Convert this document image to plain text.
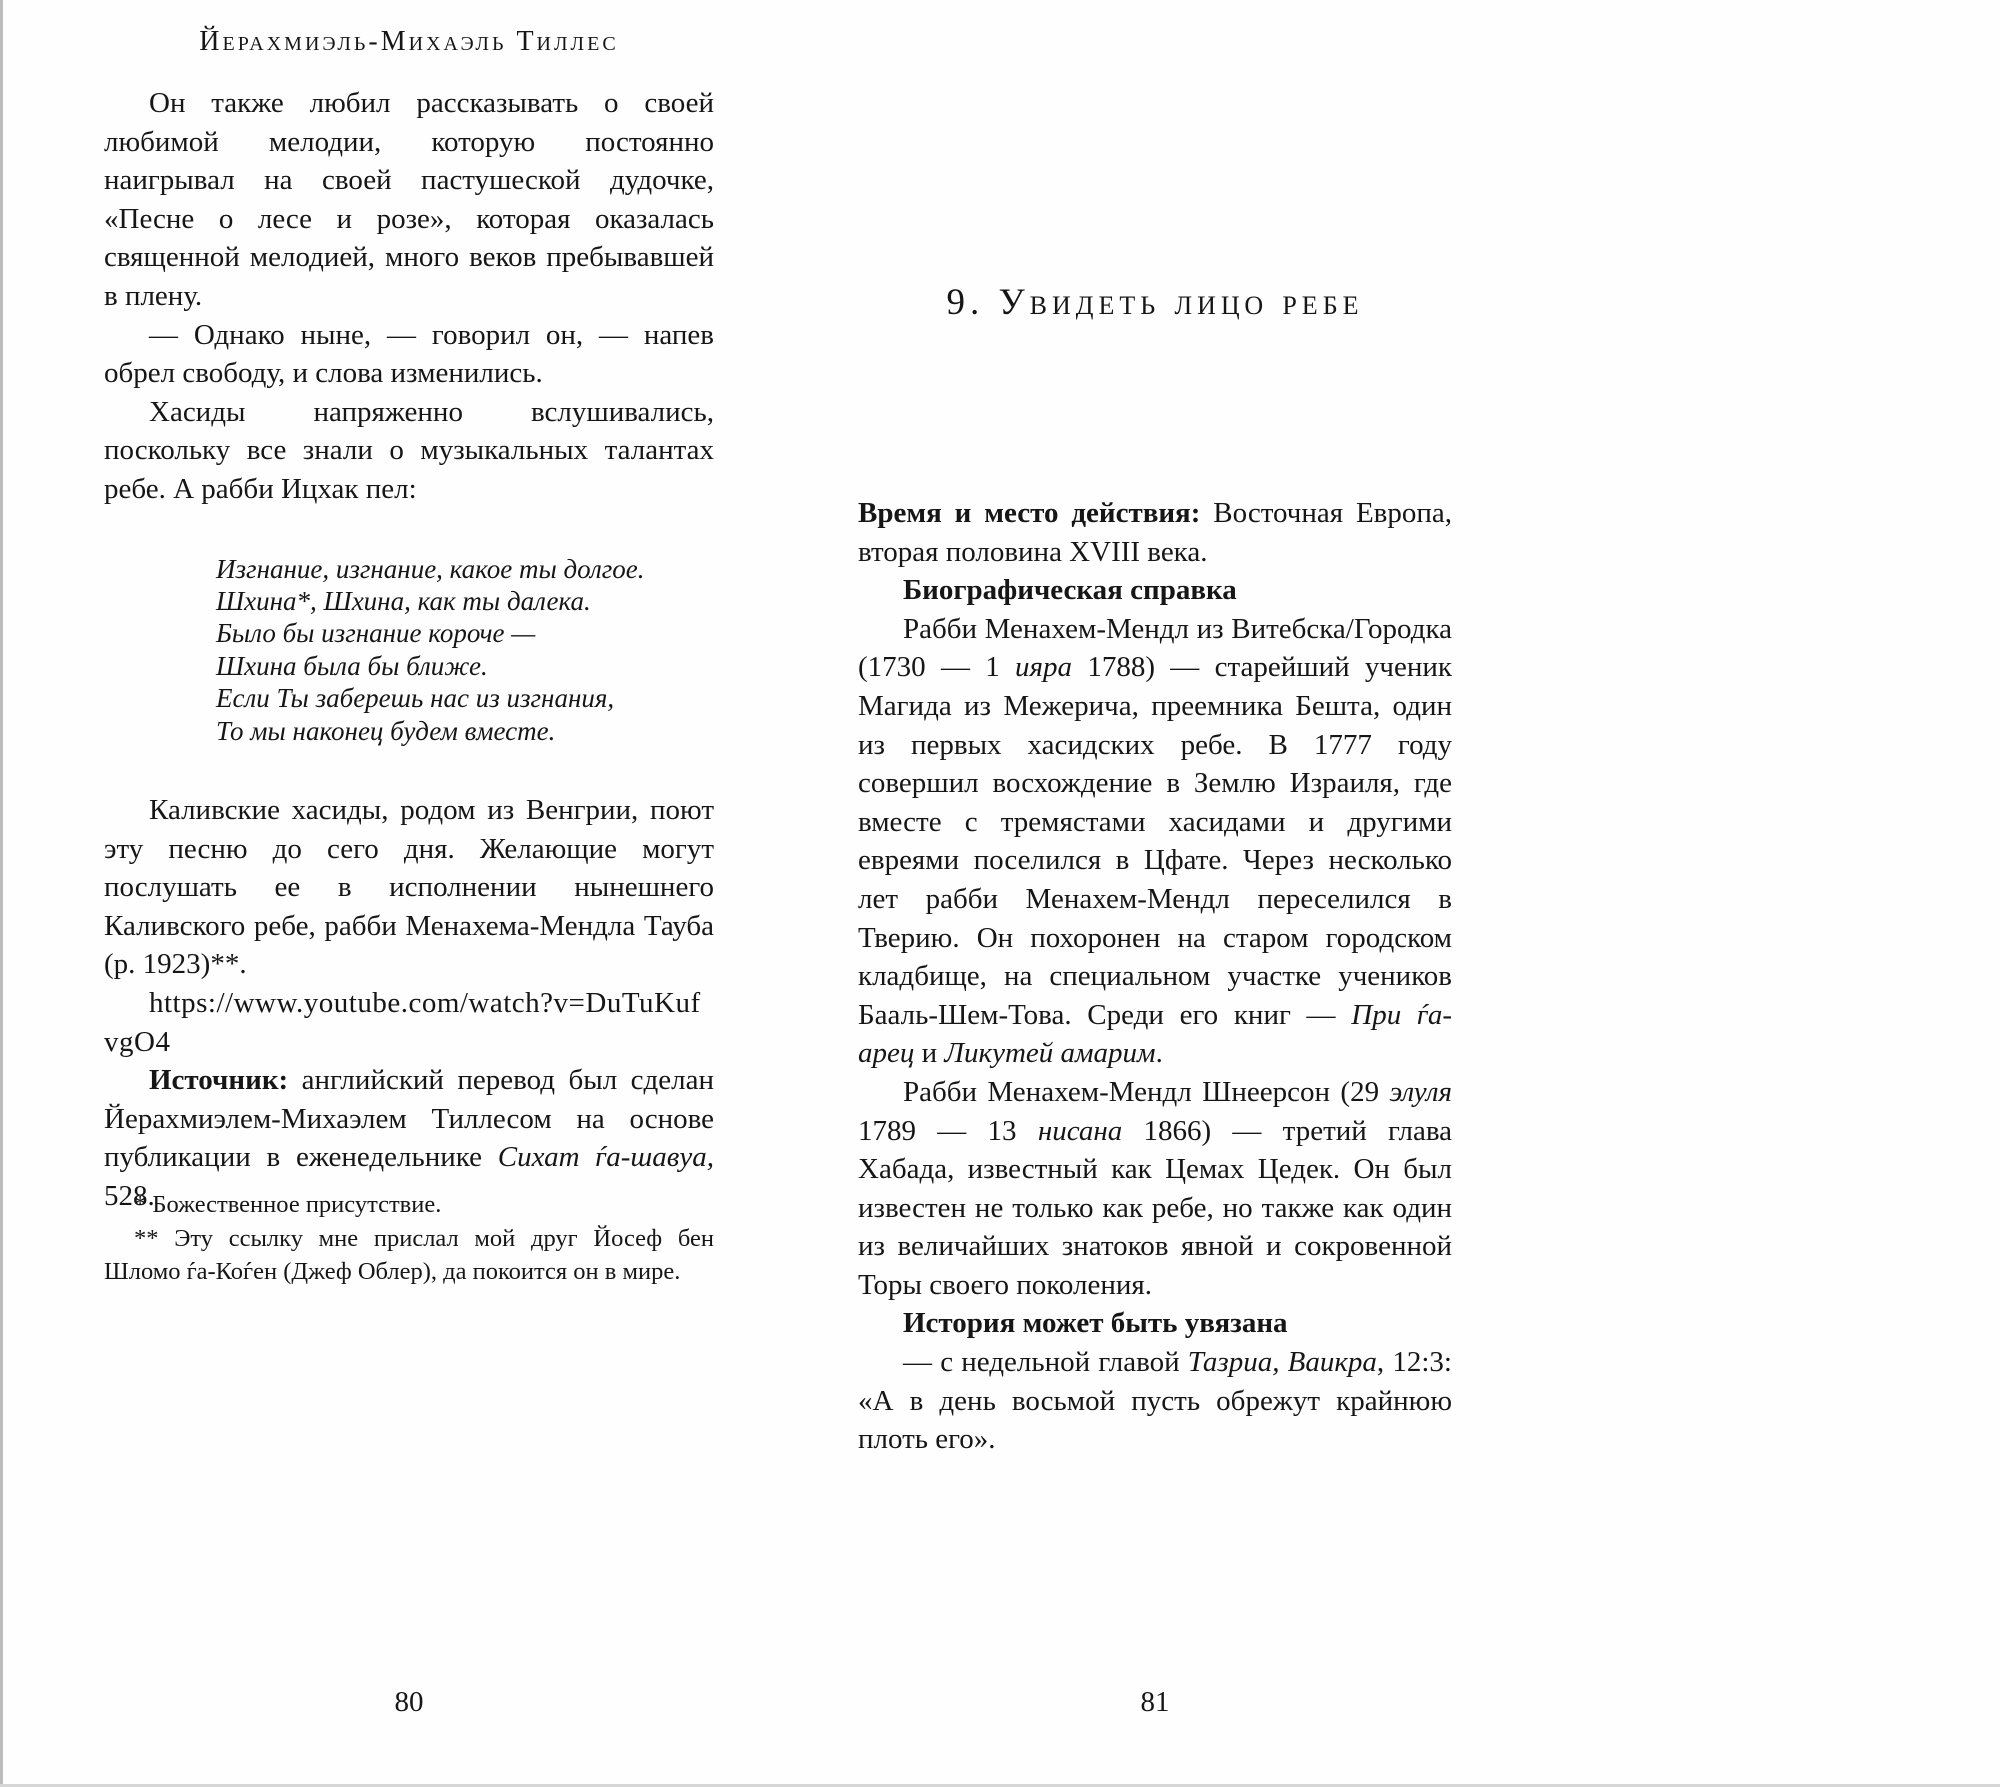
Йерахмиэль-Михаэль Тиллес

Он также любил рассказывать о своей любимой мелодии, которую постоянно наигрывал на своей пастушеской дудочке, «Песне о лесе и розе», которая оказалась священной мелодией, много веков пребывавшей в плену.

— Однако ныне, — говорил он, — напев обрел свободу, и слова изменились.

Хасиды напряженно вслушивались, поскольку все знали о музыкальных талантах ребе. А рабби Ицхак пел:

Изгнание, изгнание, какое ты долгое.
Шхина*, Шхина, как ты далека.
Было бы изгнание короче —
Шхина была бы ближе.
Если Ты заберешь нас из изгнания,
То мы наконец будем вместе.

Каливские хасиды, родом из Венгрии, поют эту песню до сего дня. Желающие могут послушать ее в исполнении нынешнего Каливского ребе, рабби Менахема-Мендла Тауба (р. 1923)**.

https://www.youtube.com/watch?v=DuTuKufvgO4

Источник: английский перевод был сделан Йерахмиэлем-Михаэлем Тиллесом на основе публикации в еженедельнике Сихат ѓа-шавуа, 528.

* Божественное присутствие.

** Эту ссылку мне прислал мой друг Йосеф бен Шломо ѓа-Коѓен (Джеф Облер), да покоится он в мире.

80
9. Увидеть лицо ребе

Время и место действия: Восточная Европа, вторая половина XVIII века.

Биографическая справка

Рабби Менахем-Мендл из Витебска/Городка (1730 — 1 ияра 1788) — старейший ученик Магида из Межерича, преемника Бешта, один из первых хасидских ребе. В 1777 году совершил восхождение в Землю Израиля, где вместе с тремястами хасидами и другими евреями поселился в Цфате. Через несколько лет рабби Менахем-Мендл переселился в Тверию. Он похоронен на старом городском кладбище, на специальном участке учеников Бааль-Шем-Това. Среди его книг — При ѓа-арец и Ликутей амарим.

Рабби Менахем-Мендл Шнеерсон (29 элуля 1789 — 13 нисана 1866) — третий глава Хабада, известный как Цемах Цедек. Он был известен не только как ребе, но также как один из величайших знатоков явной и сокровенной Торы своего поколения.

История может быть увязана

— с недельной главой Тазриа, Ваикра, 12:3: «А в день восьмой пусть обрежут крайнюю плоть его».

81
